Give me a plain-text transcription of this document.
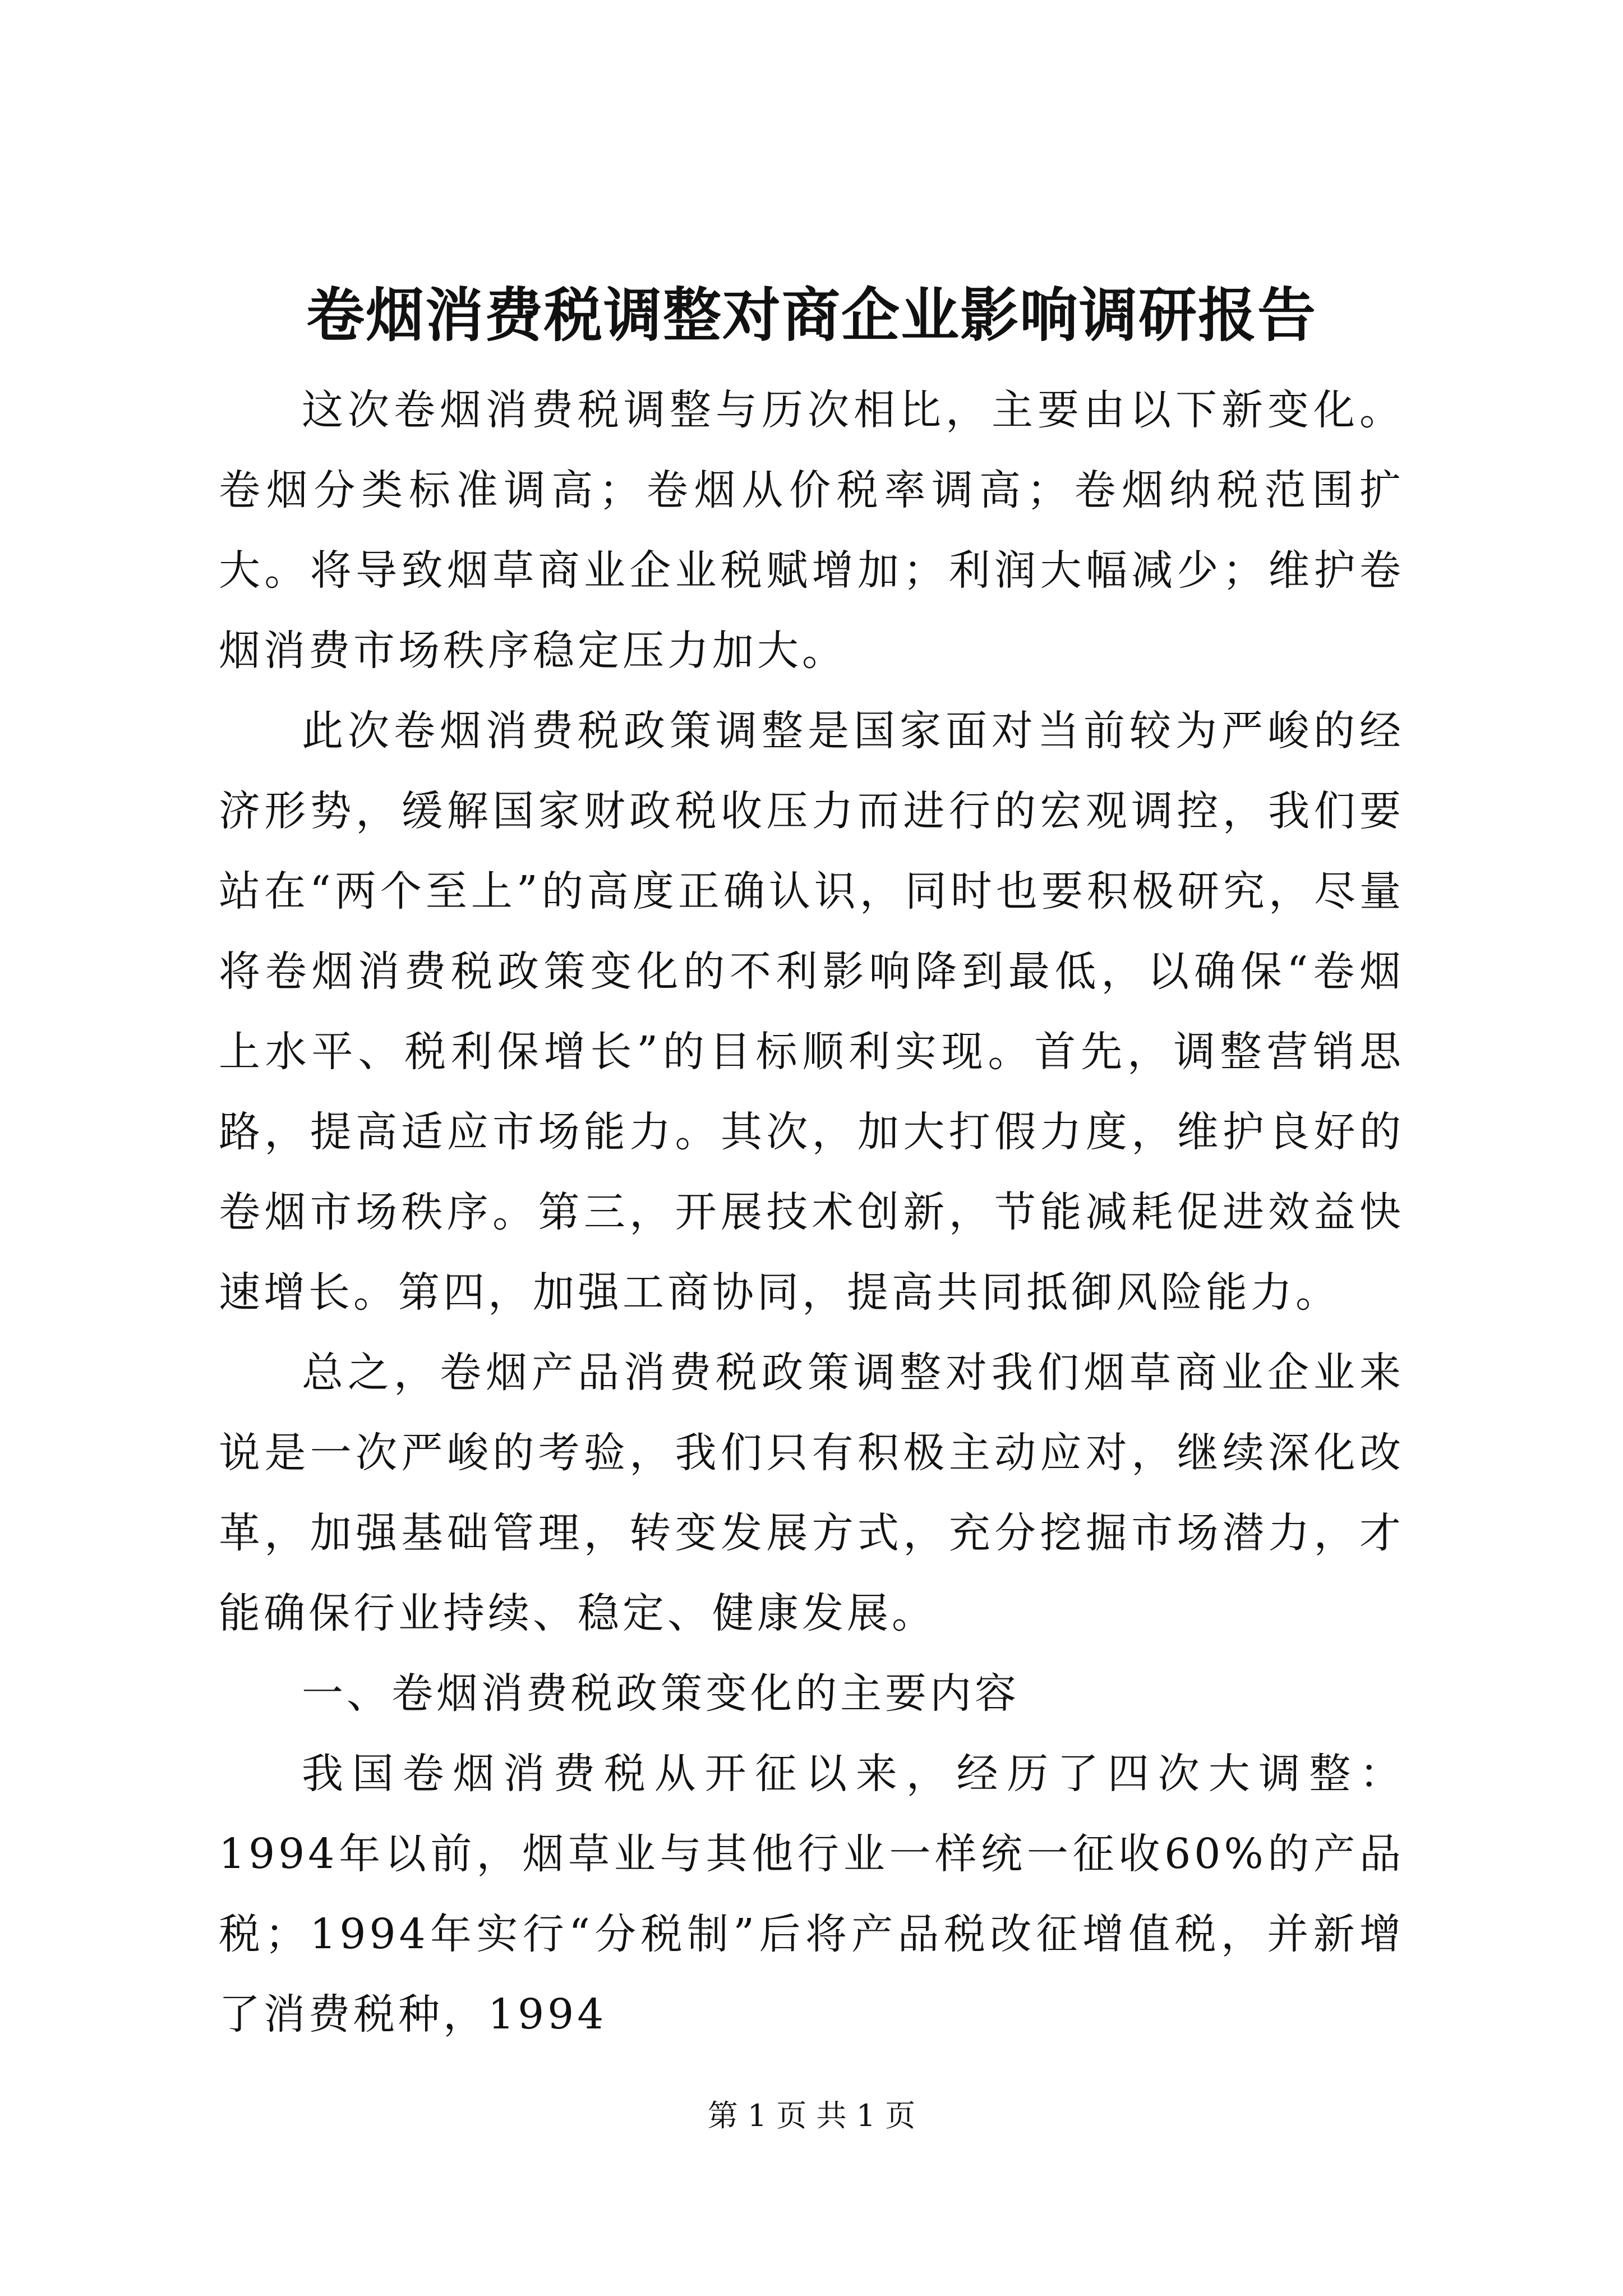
卷烟消费税调整对商企业影响调研报告

这次卷烟消费税调整与历次相比，主要由以下新变化。卷烟分类标准调高；卷烟从价税率调高；卷烟纳税范围扩大。将导致烟草商业企业税赋增加；利润大幅减少；维护卷烟消费市场秩序稳定压力加大。

此次卷烟消费税政策调整是国家面对当前较为严峻的经济形势，缓解国家财政税收压力而进行的宏观调控，我们要站在“两个至上”的高度正确认识，同时也要积极研究，尽量将卷烟消费税政策变化的不利影响降到最低，以确保“卷烟上水平、税利保增长”的目标顺利实现。首先，调整营销思路，提高适应市场能力。其次，加大打假力度，维护良好的卷烟市场秩序。第三，开展技术创新，节能减耗促进效益快速增长。第四，加强工商协同，提高共同抵御风险能力。

总之，卷烟产品消费税政策调整对我们烟草商业企业来说是一次严峻的考验，我们只有积极主动应对，继续深化改革，加强基础管理，转变发展方式，充分挖掘市场潜力，才能确保行业持续、稳定、健康发展。

一、卷烟消费税政策变化的主要内容

我国卷烟消费税从开征以来，经历了四次大调整：1994年以前，烟草业与其他行业一样统一征收60%的产品税；1994年实行“分税制”后将产品税改征增值税，并新增了消费税种，1994

第 1 页 共 1 页
